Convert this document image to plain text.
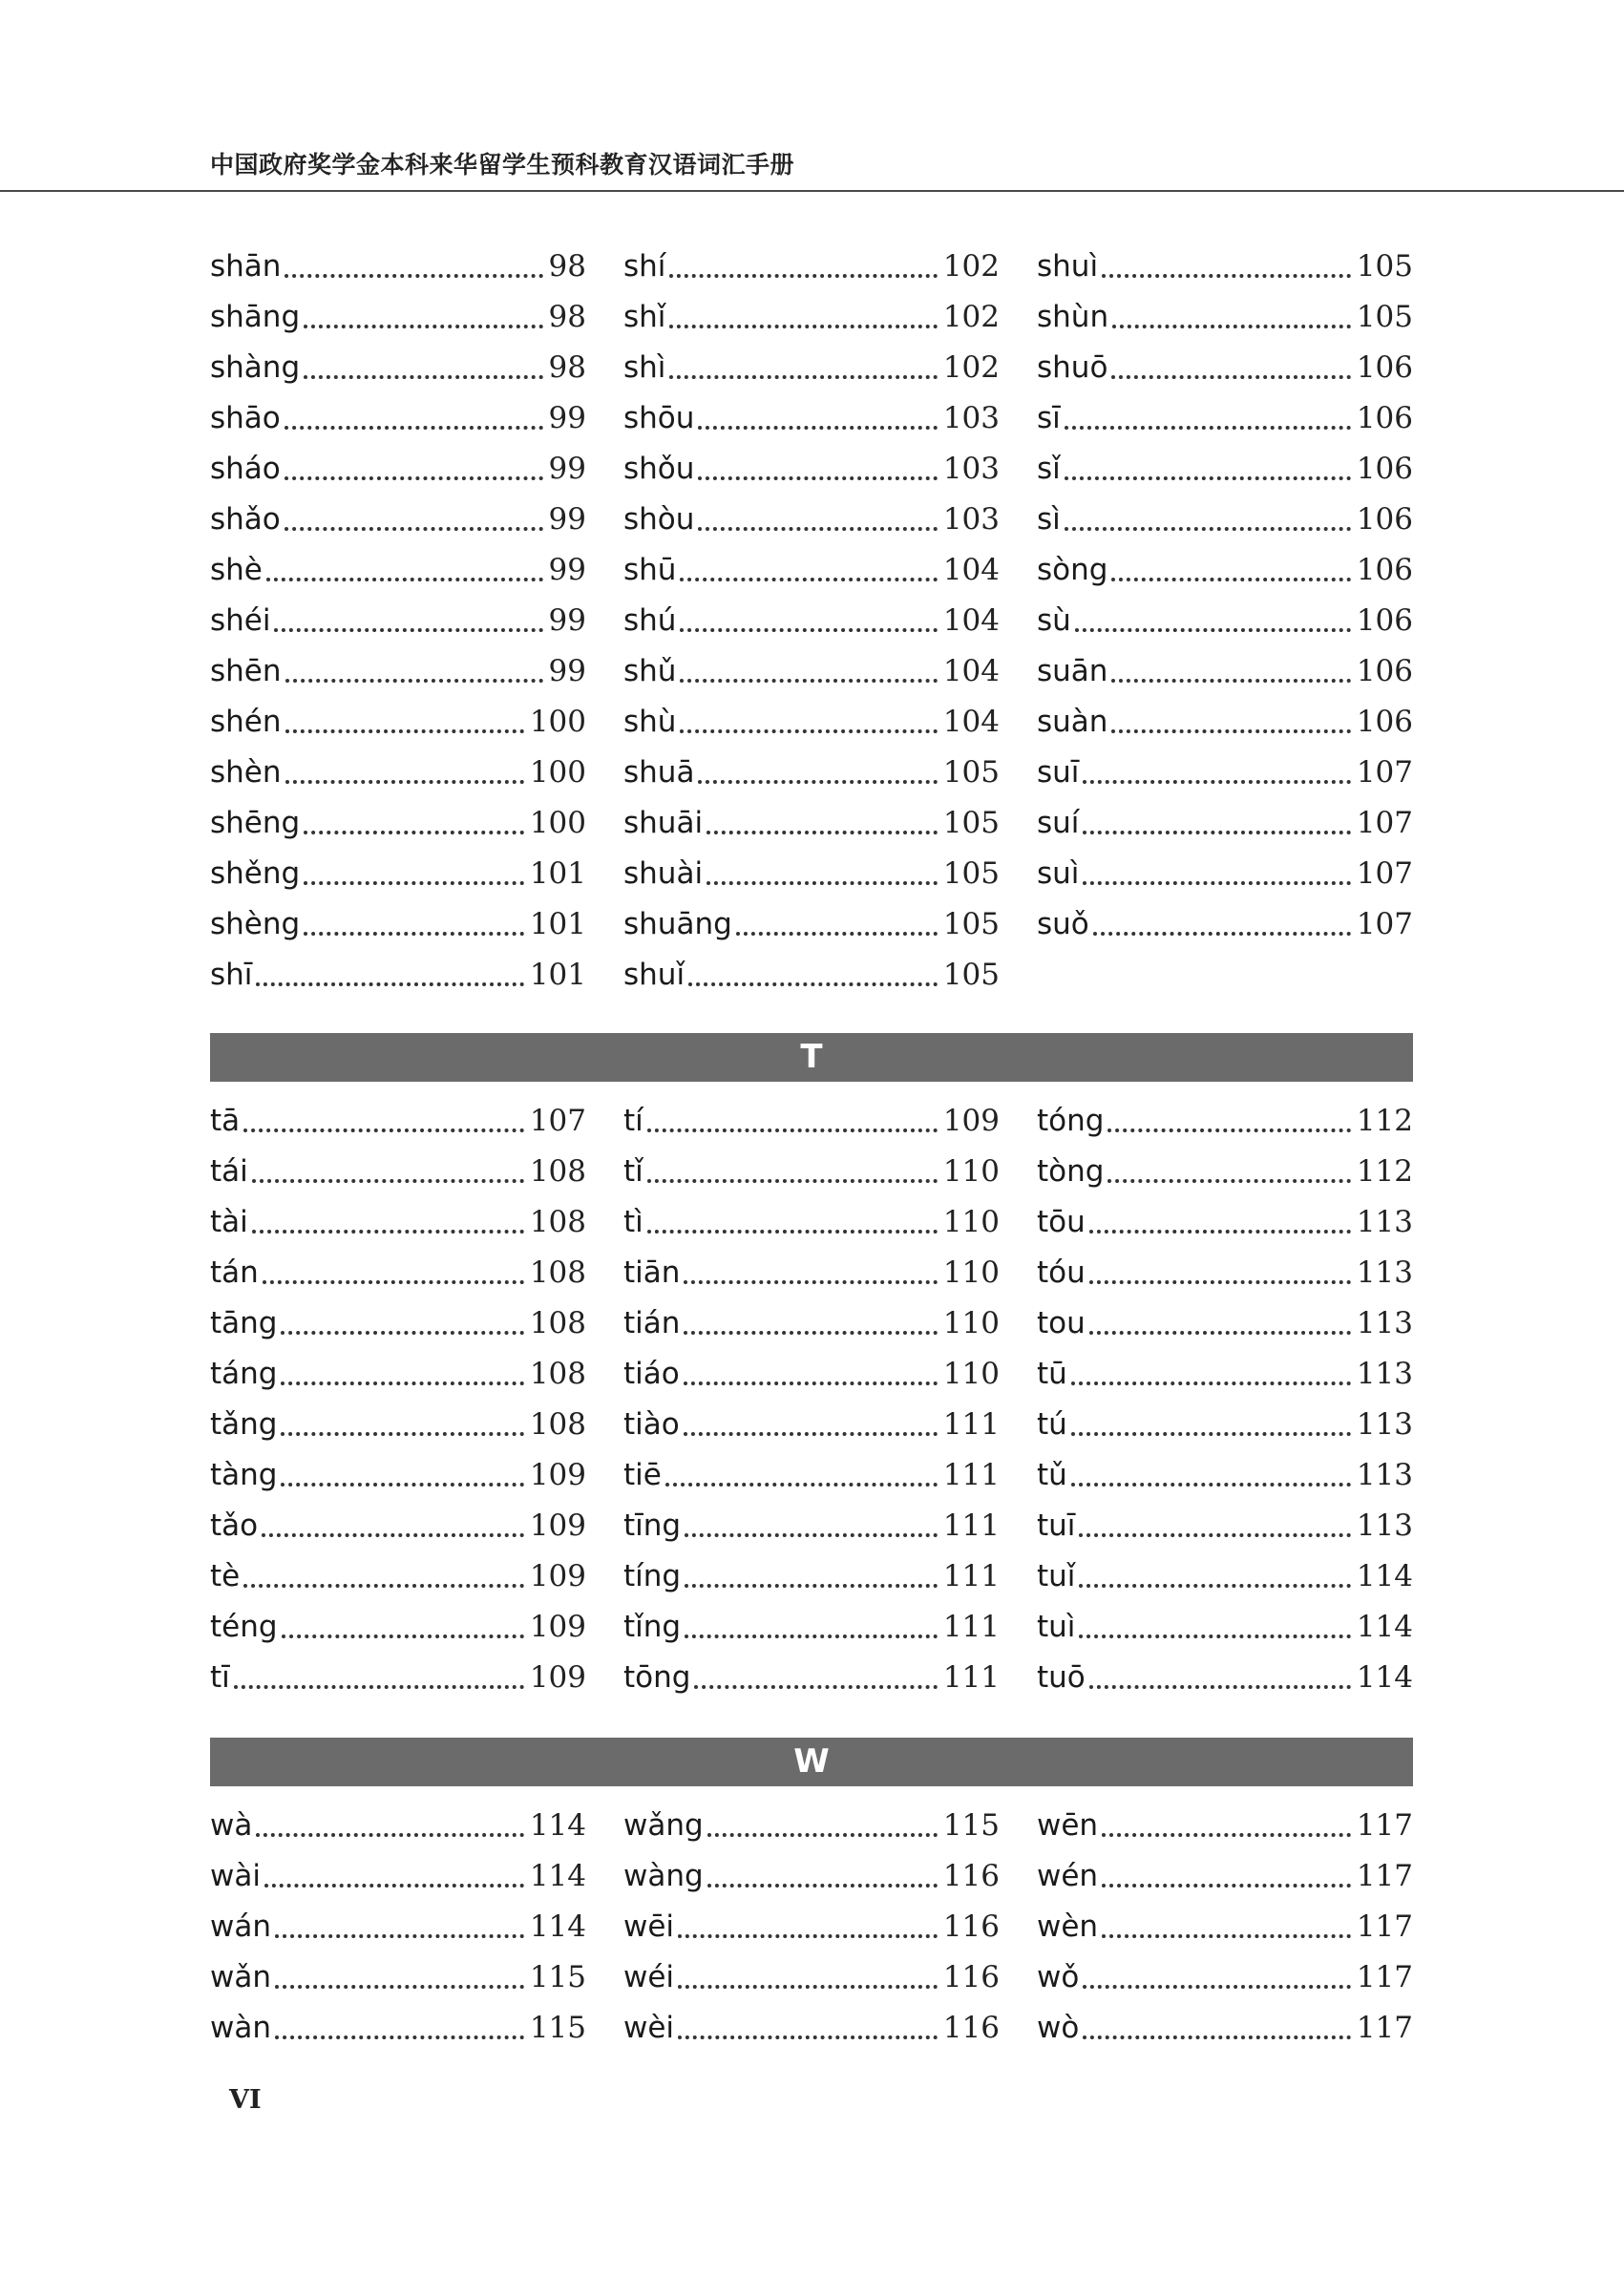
中国政府奖学金本科来华留学生预科教育汉语词汇手册
shān	98
shāng	98
shàng	98
shāo	99
sháo	99
shǎo	99
shè	99
shéi	99
shēn	99
shén	100
shèn	100
shēng	100
shěng	101
shèng	101
shī	101
shí	102
shǐ	102
shì	102
shōu	103
shǒu	103
shòu	103
shū	104
shú	104
shǔ	104
shù	104
shuā	105
shuāi	105
shuài	105
shuāng	105
shuǐ	105
shuì	105
shùn	105
shuō	106
sī	106
sǐ	106
sì	106
sòng	106
sù	106
suān	106
suàn	106
suī	107
suí	107
suì	107
suǒ	107
T
tā	107
tái	108
tài	108
tán	108
tāng	108
táng	108
tǎng	108
tàng	109
tǎo	109
tè	109
téng	109
tī	109
tí	109
tǐ	110
tì	110
tiān	110
tián	110
tiáo	110
tiào	111
tiē	111
tīng	111
tíng	111
tǐng	111
tōng	111
tóng	112
tòng	112
tōu	113
tóu	113
tou	113
tū	113
tú	113
tǔ	113
tuī	113
tuǐ	114
tuì	114
tuō	114
W
wà	114
wài	114
wán	114
wǎn	115
wàn	115
wǎng	115
wàng	116
wēi	116
wéi	116
wèi	116
wēn	117
wén	117
wèn	117
wǒ	117
wò	117
VI
